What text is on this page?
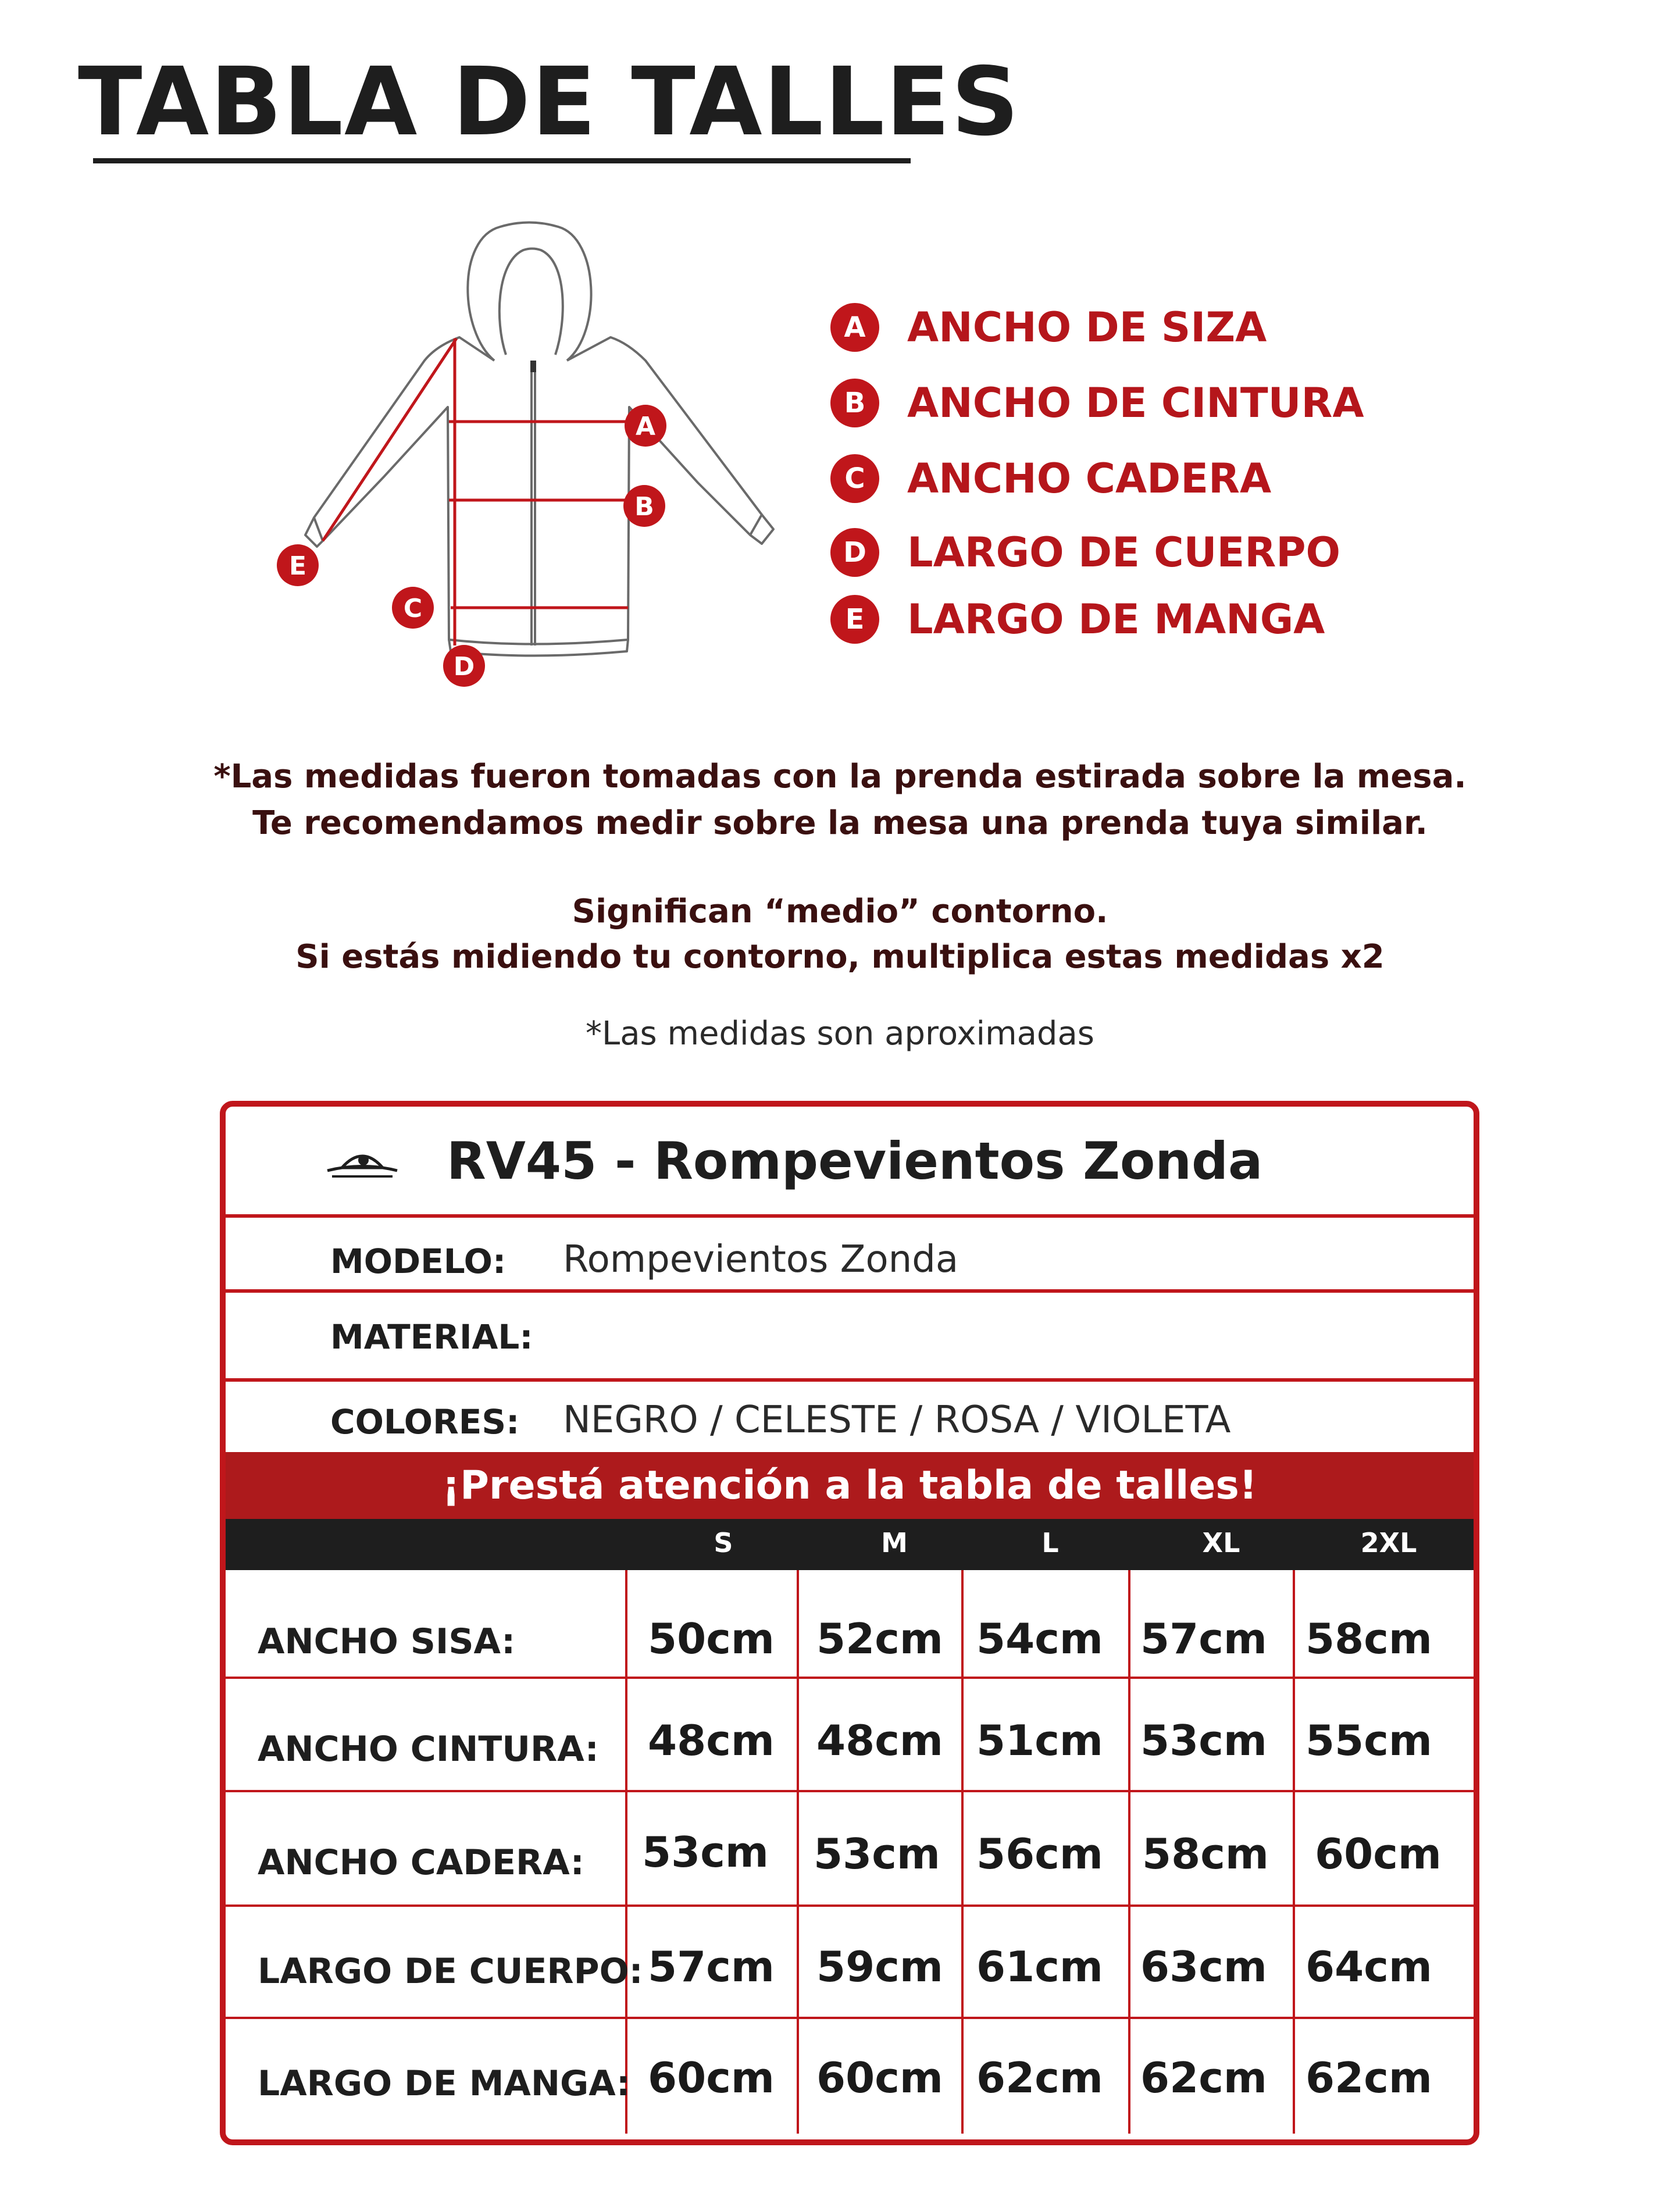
TABLA DE TALLES
A
B
C
D
E
A	ANCHO DE SIZA
B	ANCHO DE CINTURA
C	ANCHO CADERA
D	LARGO DE CUERPO
E	LARGO DE MANGA
*Las medidas fueron tomadas con la prenda estirada sobre la mesa.
Te recomendamos medir sobre la mesa una prenda tuya similar.
Significan “medio” contorno.
Si estás midiendo tu contorno, multiplica estas medidas x2
*Las medidas son aproximadas
RV45 - Rompevientos Zonda
MODELO: Rompevientos Zonda
MATERIAL:
COLORES: NEGRO / CELESTE / ROSA / VIOLETA
¡Prestá atención a la tabla de talles!
S	M	L	XL	2XL
ANCHO SISA:	50cm	52cm 54cm 57cm 58cm
ANCHO CINTURA:	48cm	48cm 51cm 53cm 55cm
ANCHO CADERA:	53cm	53cm 56cm 58cm	60cm
LARGO DE CUERPO: 57cm	59cm 61cm 63cm 64cm
LARGO DE MANGA: 60cm	60cm 62cm 62cm 62cm
